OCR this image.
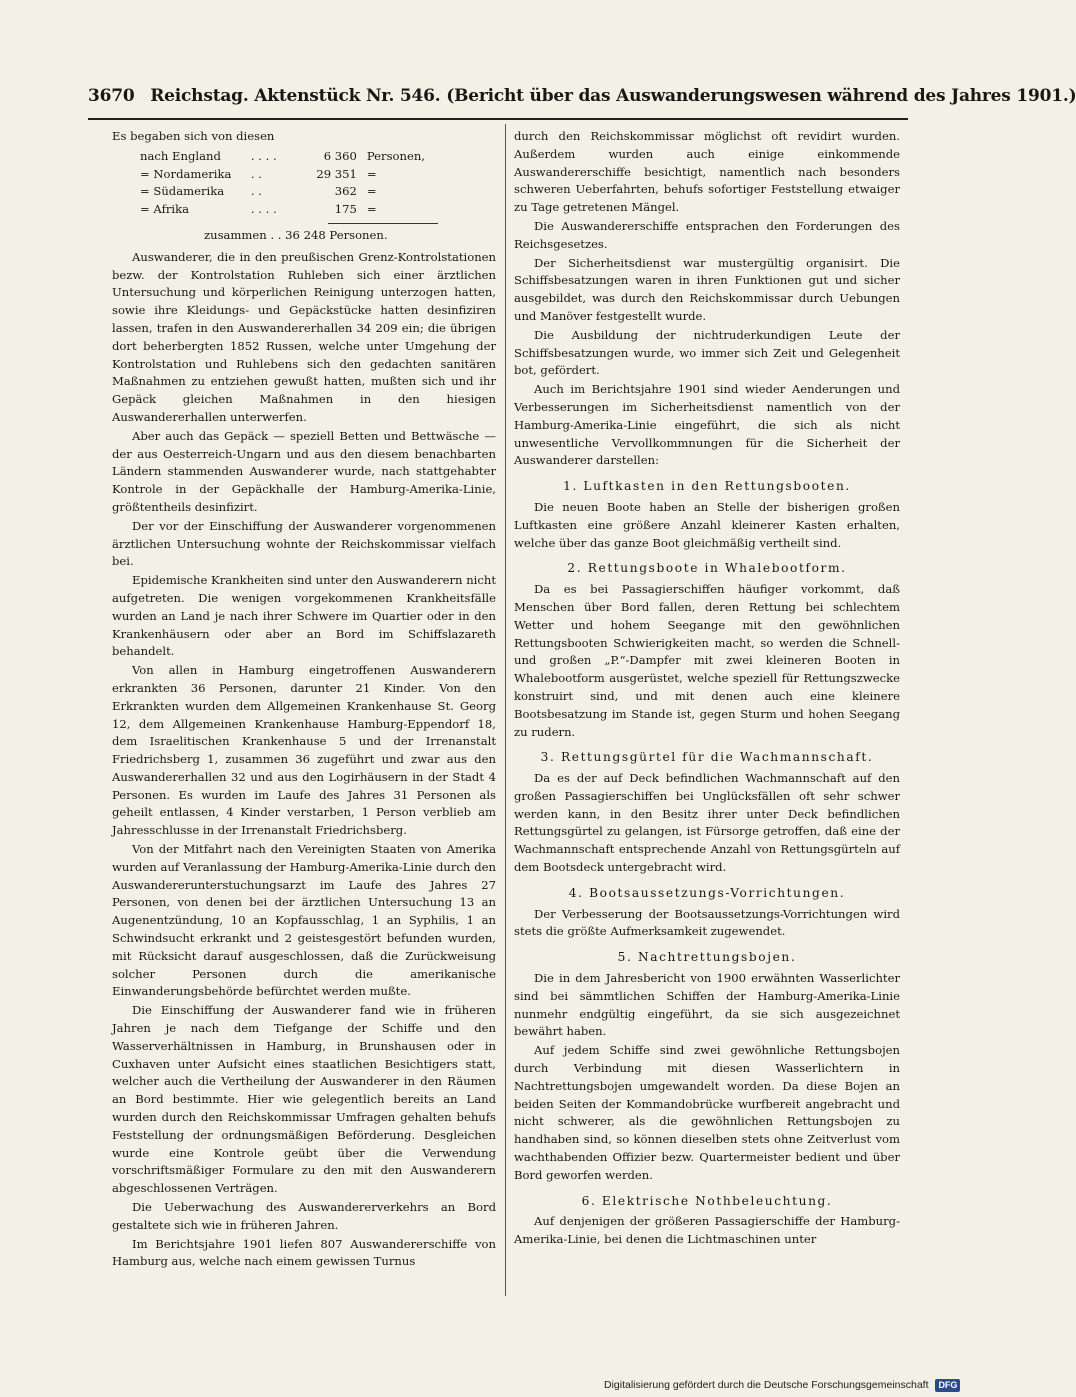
3670 Reichstag. Aktenstück Nr. 546. (Bericht über das Auswanderungswesen während des Jahres 1901.)

Es begaben sich von diesen

nach England	. . . .	6 360	Personen,
= Nordamerika	. .	29 351	=
= Südamerika	. .	362	=
= Afrika	. . . .	175	=
zusammen . . 36 248 Personen.

Auswanderer, die in den preußischen Grenz-Kontrolstationen bezw. der Kontrolstation Ruhleben sich einer ärztlichen Untersuchung und körperlichen Reinigung unterzogen hatten, sowie ihre Kleidungs- und Gepäckstücke hatten desinfiziren lassen, trafen in den Auswandererhallen 34 209 ein; die übrigen dort beherbergten 1852 Russen, welche unter Umgehung der Kontrolstation und Ruhlebens sich den gedachten sanitären Maßnahmen zu entziehen gewußt hatten, mußten sich und ihr Gepäck gleichen Maßnahmen in den hiesigen Auswandererhallen unterwerfen.

Aber auch das Gepäck — speziell Betten und Bettwäsche — der aus Oesterreich-Ungarn und aus den diesem benachbarten Ländern stammenden Auswanderer wurde, nach stattgehabter Kontrole in der Gepäckhalle der Hamburg-Amerika-Linie, größtentheils desinfizirt.

Der vor der Einschiffung der Auswanderer vorgenommenen ärztlichen Untersuchung wohnte der Reichskommissar vielfach bei.

Epidemische Krankheiten sind unter den Auswanderern nicht aufgetreten. Die wenigen vorgekommenen Krankheitsfälle wurden an Land je nach ihrer Schwere im Quartier oder in den Krankenhäusern oder aber an Bord im Schiffslazareth behandelt.

Von allen in Hamburg eingetroffenen Auswanderern erkrankten 36 Personen, darunter 21 Kinder. Von den Erkrankten wurden dem Allgemeinen Krankenhause St. Georg 12, dem Allgemeinen Krankenhause Hamburg-Eppendorf 18, dem Israelitischen Krankenhause 5 und der Irrenanstalt Friedrichsberg 1, zusammen 36 zugeführt und zwar aus den Auswandererhallen 32 und aus den Logirhäusern in der Stadt 4 Personen. Es wurden im Laufe des Jahres 31 Personen als geheilt entlassen, 4 Kinder verstarben, 1 Person verblieb am Jahresschlusse in der Irrenanstalt Friedrichsberg.

Von der Mitfahrt nach den Vereinigten Staaten von Amerika wurden auf Veranlassung der Hamburg-Amerika-Linie durch den Auswandererunterstuchungsarzt im Laufe des Jahres 27 Personen, von denen bei der ärztlichen Untersuchung 13 an Augenentzündung, 10 an Kopfausschlag, 1 an Syphilis, 1 an Schwindsucht erkrankt und 2 geistesgestört befunden wurden, mit Rücksicht darauf ausgeschlossen, daß die Zurückweisung solcher Personen durch die amerikanische Einwanderungsbehörde befürchtet werden mußte.

Die Einschiffung der Auswanderer fand wie in früheren Jahren je nach dem Tiefgange der Schiffe und den Wasserverhältnissen in Hamburg, in Brunshausen oder in Cuxhaven unter Aufsicht eines staatlichen Besichtigers statt, welcher auch die Vertheilung der Auswanderer in den Räumen an Bord bestimmte. Hier wie gelegentlich bereits an Land wurden durch den Reichskommissar Umfragen gehalten behufs Feststellung der ordnungsmäßigen Beförderung. Desgleichen wurde eine Kontrole geübt über die Verwendung vorschriftsmäßiger Formulare zu den mit den Auswanderern abgeschlossenen Verträgen.

Die Ueberwachung des Auswandererverkehrs an Bord gestaltete sich wie in früheren Jahren.

Im Berichtsjahre 1901 liefen 807 Auswandererschiffe von Hamburg aus, welche nach einem gewissen Turnus

durch den Reichskommissar möglichst oft revidirt wurden. Außerdem wurden auch einige einkommende Auswandererschiffe besichtigt, namentlich nach besonders schweren Ueberfahrten, behufs sofortiger Feststellung etwaiger zu Tage getretenen Mängel.

Die Auswandererschiffe entsprachen den Forderungen des Reichsgesetzes.

Der Sicherheitsdienst war mustergültig organisirt. Die Schiffsbesatzungen waren in ihren Funktionen gut und sicher ausgebildet, was durch den Reichskommissar durch Uebungen und Manöver festgestellt wurde.

Die Ausbildung der nichtruderkundigen Leute der Schiffsbesatzungen wurde, wo immer sich Zeit und Gelegenheit bot, gefördert.

Auch im Berichtsjahre 1901 sind wieder Aenderungen und Verbesserungen im Sicherheitsdienst namentlich von der Hamburg-Amerika-Linie eingeführt, die sich als nicht unwesentliche Vervollkommnungen für die Sicherheit der Auswanderer darstellen:

1. Luftkasten in den Rettungsbooten.

Die neuen Boote haben an Stelle der bisherigen großen Luftkasten eine größere Anzahl kleinerer Kasten erhalten, welche über das ganze Boot gleichmäßig vertheilt sind.

2. Rettungsboote in Whalebootform.

Da es bei Passagierschiffen häufiger vorkommt, daß Menschen über Bord fallen, deren Rettung bei schlechtem Wetter und hohem Seegange mit den gewöhnlichen Rettungsbooten Schwierigkeiten macht, so werden die Schnell- und großen „P.“-Dampfer mit zwei kleineren Booten in Whalebootform ausgerüstet, welche speziell für Rettungszwecke konstruirt sind, und mit denen auch eine kleinere Bootsbesatzung im Stande ist, gegen Sturm und hohen Seegang zu rudern.

3. Rettungsgürtel für die Wachmannschaft.

Da es der auf Deck befindlichen Wachmannschaft auf den großen Passagierschiffen bei Unglücksfällen oft sehr schwer werden kann, in den Besitz ihrer unter Deck befindlichen Rettungsgürtel zu gelangen, ist Fürsorge getroffen, daß eine der Wachmannschaft entsprechende Anzahl von Rettungsgürteln auf dem Bootsdeck untergebracht wird.

4. Bootsaussetzungs-Vorrichtungen.

Der Verbesserung der Bootsaussetzungs-Vorrichtungen wird stets die größte Aufmerksamkeit zugewendet.

5. Nachtrettungsbojen.

Die in dem Jahresbericht von 1900 erwähnten Wasserlichter sind bei sämmtlichen Schiffen der Hamburg-Amerika-Linie nunmehr endgültig eingeführt, da sie sich ausgezeichnet bewährt haben.

Auf jedem Schiffe sind zwei gewöhnliche Rettungsbojen durch Verbindung mit diesen Wasserlichtern in Nachtrettungsbojen umgewandelt worden. Da diese Bojen an beiden Seiten der Kommandobrücke wurfbereit angebracht und nicht schwerer, als die gewöhnlichen Rettungsbojen zu handhaben sind, so können dieselben stets ohne Zeitverlust vom wachthabenden Offizier bezw. Quartermeister bedient und über Bord geworfen werden.

6. Elektrische Nothbeleuchtung.

Auf denjenigen der größeren Passagierschiffe der Hamburg-Amerika-Linie, bei denen die Lichtmaschinen unter

Digitalisierung gefördert durch die Deutsche Forschungsgemeinschaft DFG
